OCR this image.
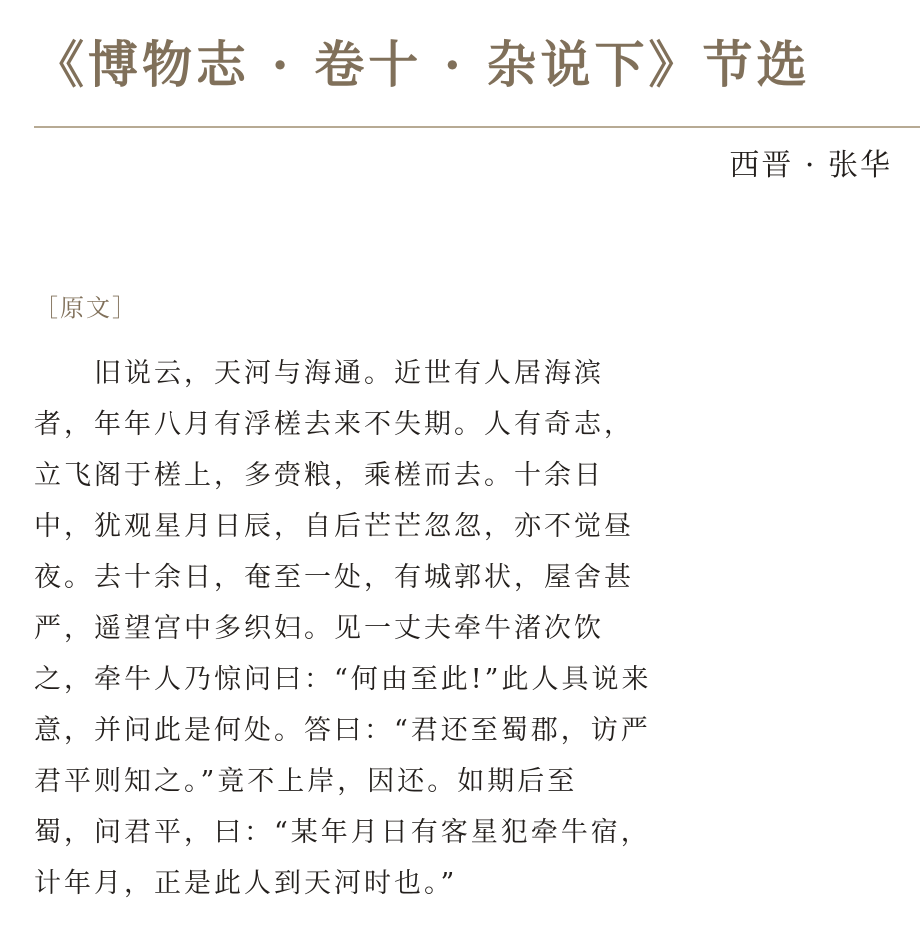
《博物志 · 卷十 · 杂说下》节选
西晋 · 张华
［原文］
　　旧说云，天河与海通。近世有人居海滨
者，年年八月有浮槎去来不失期。人有奇志，
立飞阁于槎上，多赍粮，乘槎而去。十余日
中，犹观星月日辰，自后芒芒忽忽，亦不觉昼
夜。去十余日，奄至一处，有城郭状，屋舍甚
严，遥望宫中多织妇。见一丈夫牵牛渚次饮
之，牵牛人乃惊问曰：“何由至此!”此人具说来
意，并问此是何处。答曰：“君还至蜀郡，访严
君平则知之。”竟不上岸，因还。如期后至
蜀，问君平，曰：“某年月日有客星犯牵牛宿，
计年月，正是此人到天河时也。”
